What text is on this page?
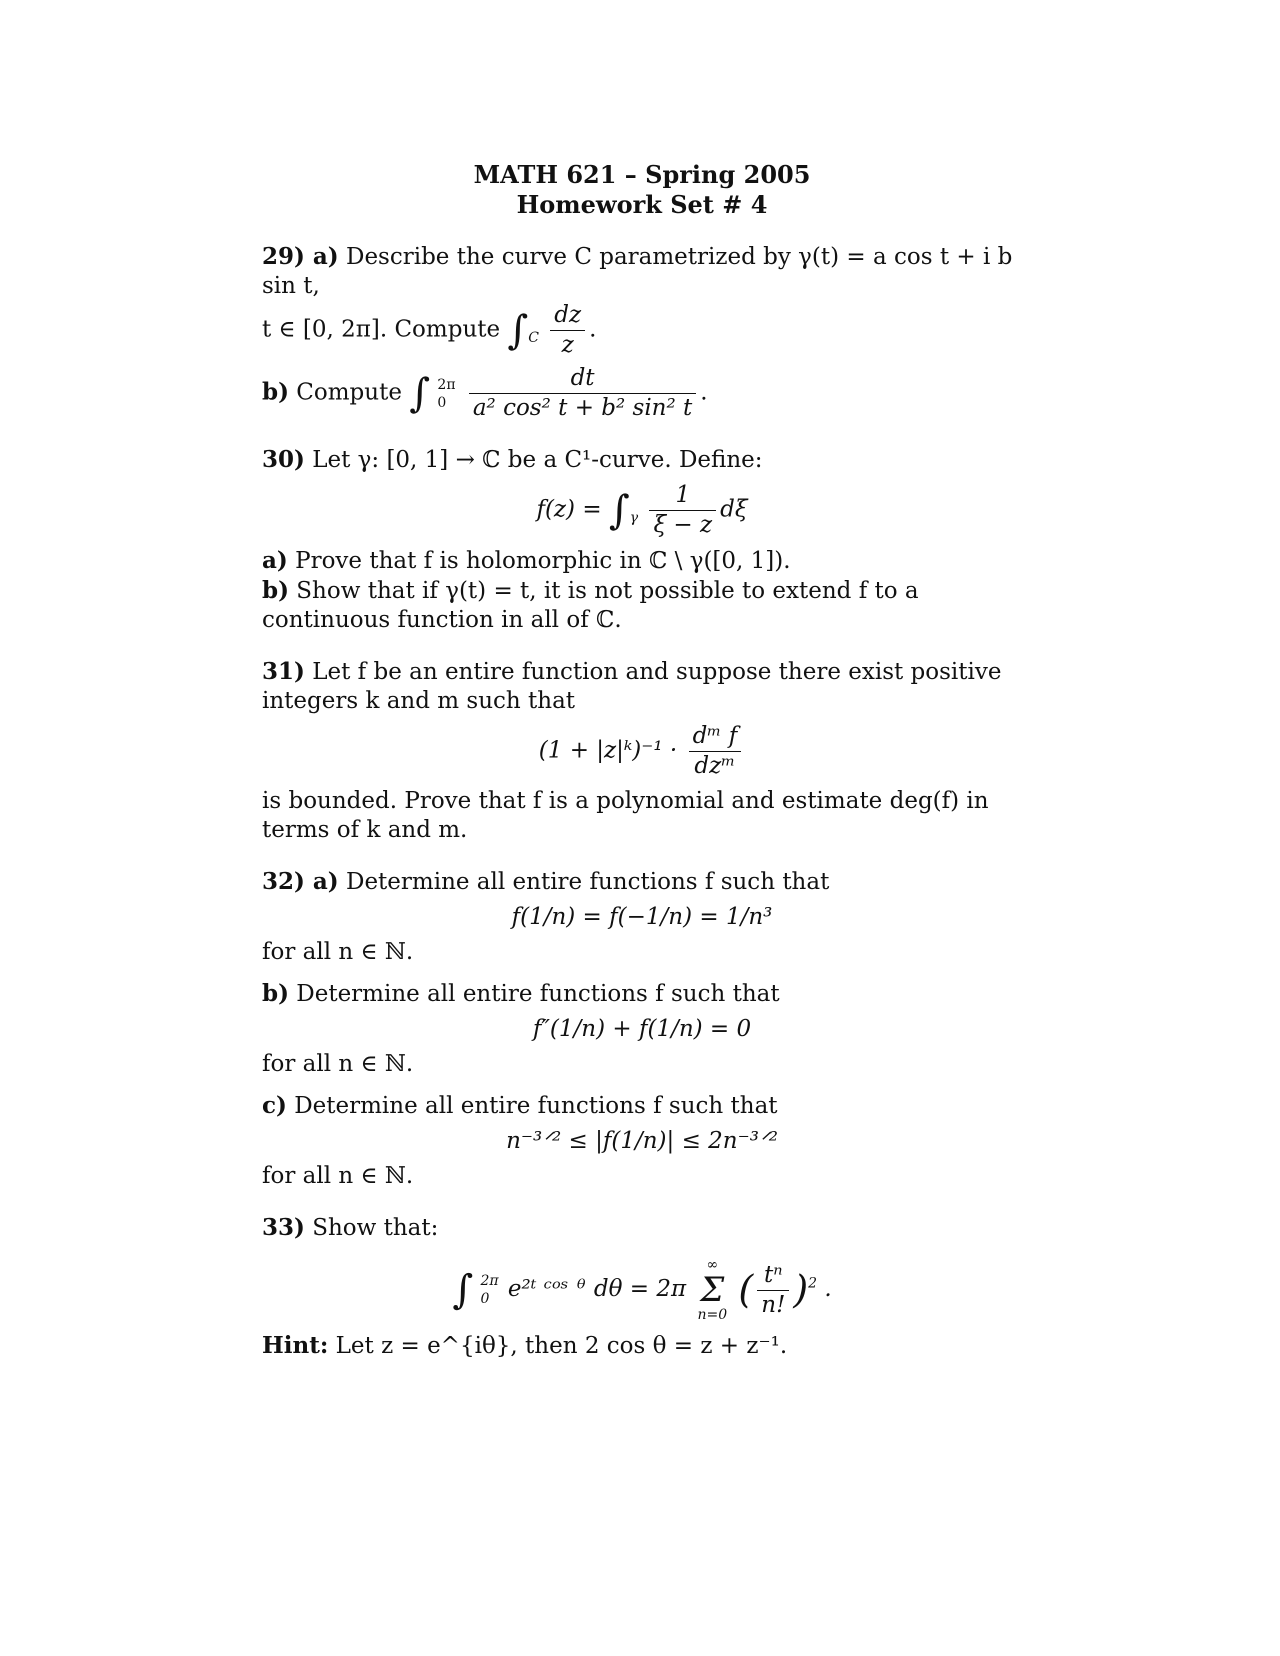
MATH 621 – Spring 2005
Homework Set # 4
29) a) Describe the curve C parametrized by γ(t) = a cos t + i b sin t,
t ∈ [0, 2π]. Compute $\int_C \frac{dz}{z}$ .
b) Compute ∫ 2π
0
$\frac{dt}{\text{a² cos² t + b² sin² t}}$ .
30) Let γ: [0, 1] → ℂ be a C¹-curve. Define:
$f(z) = \int_\gamma \frac{1}{\xi - z}$ dξ
a) Prove that f is holomorphic in ℂ \ γ([0, 1]).
b) Show that if γ(t) = t, it is not possible to extend f to a continuous function in all of ℂ.
31) Let f be an entire function and suppose there exist positive integers k and m such that
(1 + |z|ᵏ)⁻¹ · $\frac{\text{dᵐ f}}{\text{dzᵐ}}$
is bounded. Prove that f is a polynomial and estimate deg(f) in terms of k and m.
32) a) Determine all entire functions f such that
f(1/n) = f(−1/n) = 1/n³
for all n ∈ ℕ.
b) Determine all entire functions f such that
f″(1/n) + f(1/n) = 0
for all n ∈ ℕ.
c) Determine all entire functions f such that
n⁻³ᐟ² ≤ |f(1/n)| ≤ 2n⁻³ᐟ²
for all n ∈ ℕ.
33) Show that:
∫ 2π
0 e²ᵗ ᶜᵒˢ ᶿ dθ = 2π
∞
Σ
n=0
( $\frac{\text{tⁿ}}{n!} )^2$ .
Hint: Let z = e^{iθ}, then 2 cos θ = z + z⁻¹.
